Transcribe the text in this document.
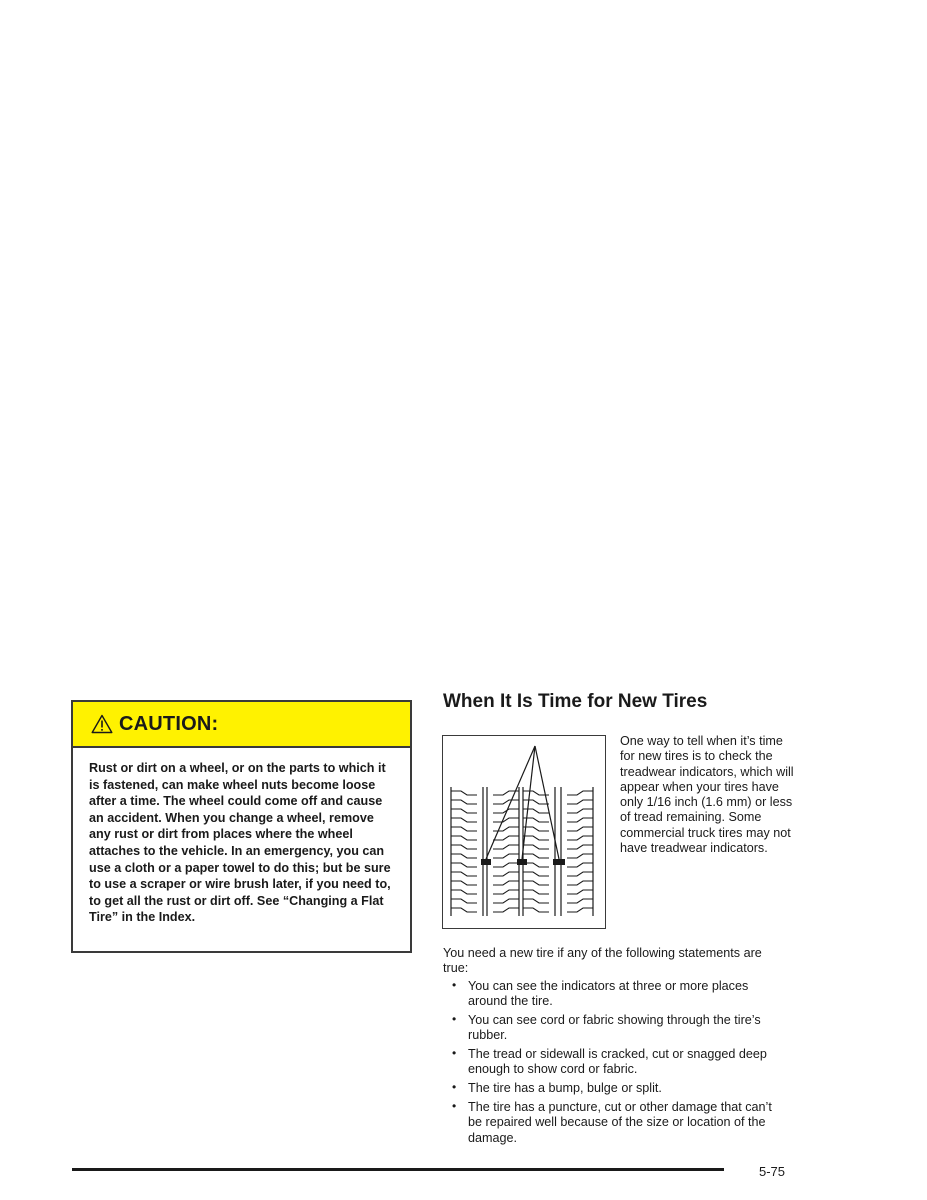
CAUTION:
Rust or dirt on a wheel, or on the parts to which it is fastened, can make wheel nuts become loose after a time. The wheel could come off and cause an accident. When you change a wheel, remove any rust or dirt from places where the wheel attaches to the vehicle. In an emergency, you can use a cloth or a paper towel to do this; but be sure to use a scraper or wire brush later, if you need to, to get all the rust or dirt off. See “Changing a Flat Tire” in the Index.
When It Is Time for New Tires
One way to tell when it’s time for new tires is to check the treadwear indicators, which will appear when your tires have only 1/16 inch (1.6 mm) or less of tread remaining. Some commercial truck tires may not have treadwear indicators.
You need a new tire if any of the following statements are true:
• You can see the indicators at three or more places around the tire.
• You can see cord or fabric showing through the tire’s rubber.
• The tread or sidewall is cracked, cut or snagged deep enough to show cord or fabric.
• The tire has a bump, bulge or split.
• The tire has a puncture, cut or other damage that can’t be repaired well because of the size or location of the damage.
5-75
